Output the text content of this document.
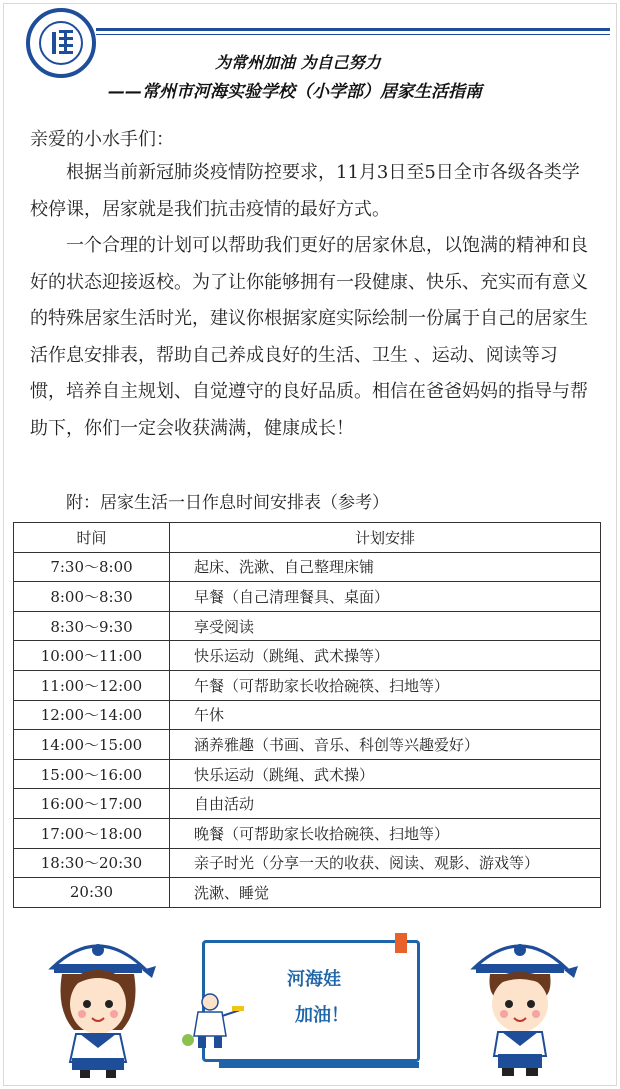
为常州加油 为自己努力
——常州市河海实验学校（小学部）居家生活指南
亲爱的小水手们：
根据当前新冠肺炎疫情防控要求，11月3日至5日全市各级各类学校停课，居家就是我们抗击疫情的最好方式。
一个合理的计划可以帮助我们更好的居家休息，以饱满的精神和良好的状态迎接返校。为了让你能够拥有一段健康、快乐、充实而有意义的特殊居家生活时光，建议你根据家庭实际绘制一份属于自己的居家生活作息安排表，帮助自己养成良好的生活、卫生 、运动、阅读等习惯，培养自主规划、自觉遵守的良好品质。相信在爸爸妈妈的指导与帮助下，你们一定会收获满满，健康成长！
附：居家生活一日作息时间安排表（参考）
时间	计划安排
7:30～8:00	起床、洗漱、自己整理床铺
8:00～8:30	早餐（自己清理餐具、桌面）
8:30～9:30	享受阅读
10:00～11:00	快乐运动（跳绳、武术操等）
11:00～12:00	午餐（可帮助家长收拾碗筷、扫地等）
12:00～14:00	午休
14:00～15:00	涵养雅趣（书画、音乐、科创等兴趣爱好）
15:00～16:00	快乐运动（跳绳、武术操）
16:00～17:00	自由活动
17:00～18:00	晚餐（可帮助家长收拾碗筷、扫地等）
18:30～20:30	亲子时光（分享一天的收获、阅读、观影、游戏等）
20:30	洗漱、睡觉
河海娃
加油！
